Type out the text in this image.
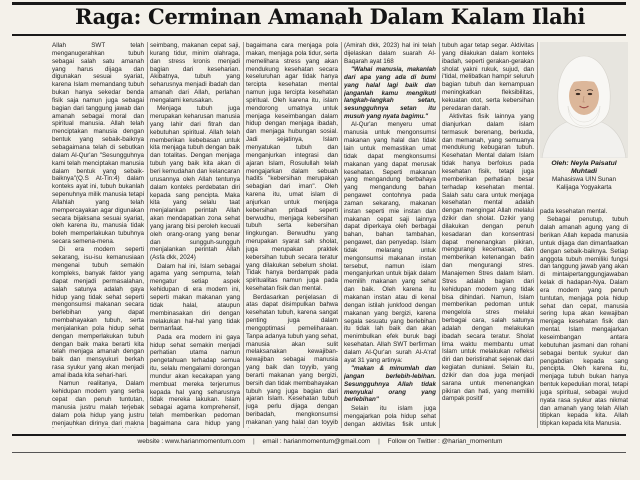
Raga: Cerminan Amanah Dalam Kalam Ilahi

Allah SWT telah menganugerahkan tubuh sebagai salah satu amanah yang harus dijaga dan digunakan sesuai syariat, karena Islam memandang tubuh bukan hanya sekedar benda fisik saja namun juga sebagai bagian dari tanggung jawab dan amanah sebagai moral dan spiritual manusia. Allah telah menciptakan manusia dengan bentuk yang sebaik-baiknya sebagaimana telah di sebutkan dalam Al-Qur'an "Sesungguhnya kami telah menciptakan manusia dalam bentuk yang sebaik-baiknya"(Q.S At-Tin:4) dalam konteks ayat ini, tubuh bukanlah sepenuhnya milik manusia tetapi Allahlah yang telah mempercayakan agar digunakan secara bijaksana sesuai syariat, oleh karena itu, manusia tidak boleh memperlakukan tubuhnya secara semena-mena.

Di era modern seperti sekarang, isu-isu kemanusiaan mengenai tubuh semakin kompleks, banyak faktor yang dapat menjadi permasalahan, salah satunya adalah gaya hidup yang tidak sehat seperti mengonsumsi makanan secara berlebihan yang dapat membahayakan tubuh, serta menjalankan pola hidup sehat dengan memperlakukan tubuh dengan baik maka berarti kita telah menjaga amanah dengan baik dan mensyukuri berkah rasa syukur yang akan menjadi amal ibada kita sehari-hari.

Namun realitanya, Dalam kehidupan modern yang serba cepat dan penuh tuntutan, manusia justru malah terjebak dalam pola hidup yang justru menjauhkan dirinya dari makna

seimbang, makanan cepat saji, kurang tidur, minim olahraga, dan stress kronis menjadi bagian dari keseharian. Akibatnya, tubuh yang seharusnya menjadi ibadah dan amanah dari Allah, perlahan mengalami kerusakan.

Menjaga tubuh juga merupakan keharusan manusia yang lahir dari fitrah dan kebutuhan spiritual. Allah telah memberikan kebebasan untuk kita menjaga tubuh dengan baik dan totalitas. Dengan menjaga tubuh yang baik kita akan di beri kemudahan dan kelancaran urusannya oleh Allah tentunya dalam konteks perdebatan diri kepada sang pencipta. Maka kita yang selalu taat menjalankan perintah Allah akan mendapatkan zona sehat yang jarang bisi peroleh kecuali oleh orang-orang yang benar dan sungguh-sungguh menjalankan perintah Allah (Asfa dkk, 2024)

Dalam hal ini, Islam sebagai agama yang sempurna, telah mengatur setiap aspek kehidupan di era modern ini, seperti makan makanan yang tidak halal, ataupun membinasakan diri dengan melakukan hal-hal yang tidak bermanfaat.

Pada era modern ini gaya hidup sehat semakin menjadi perhatian utama namun pengetahuan terhadap semua itu, selalu mengalami dorongan mundur akan kecakapan yang membuat mereka terjerumus kepada hal yang seharusnya tidak mereka lakukan. Islam sebagai agama komprehensif, telah memberikan pedoman bagaimana cara hidup yang

bagaimana cara menjaga pola makan, menjaga pola tidur, serta memelihara stress yang akan mendukung kesehatan secara keseluruhan agar tidak hanya tercipta kesehatan mental namun juga tercipta kesehatan spiritual. Oleh karena itu, islam mendorong umatnya untuk menjaga keseimbangan dalam hidup dengan menjaga ibadah, dan menjaga hubungan sosial. Jadi sejatinya, Islam menyatukan tubuh dan menganjurkan integrasi dan ajaran Islam, Rosulullah telah mengajarkan dalam sebuah hadits "kebersihan merupakan sebagian dari iman". Oleh karena itu, umat islam di anjurkan untuk menjaga kebersihan pribadi seperti berwudhu, menjaga kebersihan tubuh serta kebersihan lingkungan. Berwudhu yang merupakan syarat sah sholat, juga merupakan praktek kebersihan tubuh secara teratur yang dilakukan sebelum sholat. Tidak hanya berdampak pada spiritualitas namun juga pada kesehatan fisik dan mental.

Berdasarkan penjelasan di atas dapat disimpulkan bahwa kesehatan tubuh, karena sangat penting juga dalam mengoptimasi pemeliharaan. Tanpa adanya tubuh yang sehat, manusia akan sulit melaksanakan kewajiban-kewajiban sebagai manusia yang baik dan toyyib, yang berarti makanan yang bergizi, bersih dan tidak membahayakan tubuh yang juga bagian dari ajaran Islam. Kesehatan tubuh juga perlu dijaga dengan beribadah, mengkonsumsi makanan yang halal dan toyyib

(Amirah dkk, 2023) hal ini telah dijelaskan dalam suarah Al-Baqarah ayat 168

"Wahai manusia, makanlah dari apa yang ada di bumi yang halal lagi baik dan janganlah kamu mengikuti langkah-langkah setan, sesungguhnya setan itu musuh yang nyata bagimu."

Al-Qur'an menyeru umat manusia untuk mengonsumsi makanan yang halal dan tidak lain untuk memastikan umat tidak dapat mengkonsumsi makanan yang dapat merusak kesehatan. Seperti makanan yang mengandung berbahaya yang mengandung bahan pengawet contohnya pada zaman sekarang, makanan instan seperti mie instan dan makanan cepat saji lainnya dapat diperkaya oleh berbagai bahan, bahan tambahan, pengawet, dan penyedap. Islam tidak melarang untuk mengonsumsi makanan instan tersebut, namun islam menganjurkan untuk bijak dalam memilih makanan yang sehat dan baik. Oleh karena itu makanan instan atau di kenal dengan istilah junkfood dengan makanan yang bergizi, karena segala sesuatu yang berlebihan itu tidak lah baik dan akan menimbulkan efek buruk bagi kesehatan. Allah SWT berfirman dalam Al-Qur'an surah Al-A'raf ayat 31 yang artinya:

"makan & minumlah dan jangan berlebih-lebihan. Sesungguhnya Allah tidak menyukai orang yang berlebihan"

Selain itu islam juga mengajarkan pola hidup sehat dengan aktivitas fisik untuk

tubuh agar tetap segar. Aktivitas yang dilakukan dalam konteks ibadah, seperti gerakan-gerakan sholat yakni rukuk, sujud, dan i'tidal, melibatkan hampir seluruh bagian tubuh dan kemampuan meningkatkan fleksibilitas, kekuatan otot, serta kebersihan peredaran darah.

Aktivitas fisik lainnya yang dianjurkan dalam islam termasuk berenang, berkuda, dan memanah, yang semuanya mendukung kebugaran tubuh. Kesehatan Mental dalam Islam tidak hanya berfokus pada kesehatan fisik, tetapi juga memberikan perhatian besar terhadap kesehatan mental. Salah satu cara untuk menjaga kesehatan mental adalah dengan mengingat Allah melalui dzikir dan sholat. Dzikir yang dilakukan dengan penuh kesadaran dan konsentrasi dapat menenangkan pikiran, mengurangi kecemasan, dan memberikan ketenangan batin dan mengurangi stres. Manajemen Stres dalam Islam. Stres adalah bagian dari kehidupan modern yang tidak bisa dihindari. Namun, Islam memberikan pedoman untuk mengelola stres melalui berbagai cara, salah satunya adalah dengan melakukan ibadah secara teratur. Sholat lima waktu membantu umat Islam untuk melakukan refleksi diri dan beristirahat sejenak dari kegiatan duniawi. Selain itu, dzikir dan doa juga menjadi sarana untuk menenangkan pikiran dan hati, yang memiliki dampak positif

Oleh: Neyla Paisatul Muhtadi
Mahasiswa UIN Sunan Kalijaga Yogyakarta

pada kesehatan mental.

Sebagai penutup, tubuh dalah amanah agung yang di berikan Allah kepada manusia untuk dijaga dan dimanfaatkan dengan sebaik-baiknya. Setiap anggota tubuh memiliki fungsi dan tanggung jawab yang akan di mintaipertanggungjawaban kelak di hadapan-Nya. Dalam era modern yang penuh tuntutan, menjaga pola hidup sehat dan cepat, manusia sering lupa akan kewajiban menjaga kesehatan fisik dan mental. Islam mengajarkan keseimbangan antara kebutuhan jasmani dan rohani sebagai bentuk syukur dan pengabdian kepada sang pencipta. Oleh karena itu, menjaga tubuh bukan hanya bentuk kepedulian moral, tetapi juga spiritual, sebagai wujud nyata rasa syukur atas nikmat dan amanah yang telah Allah titipkan kepada kita. Allah titipkan kepada kita Manusia.

website : www.harianmomentum.com | email : harianmomentum@gmail.com | Follow on Twitter : @harian_momentum
